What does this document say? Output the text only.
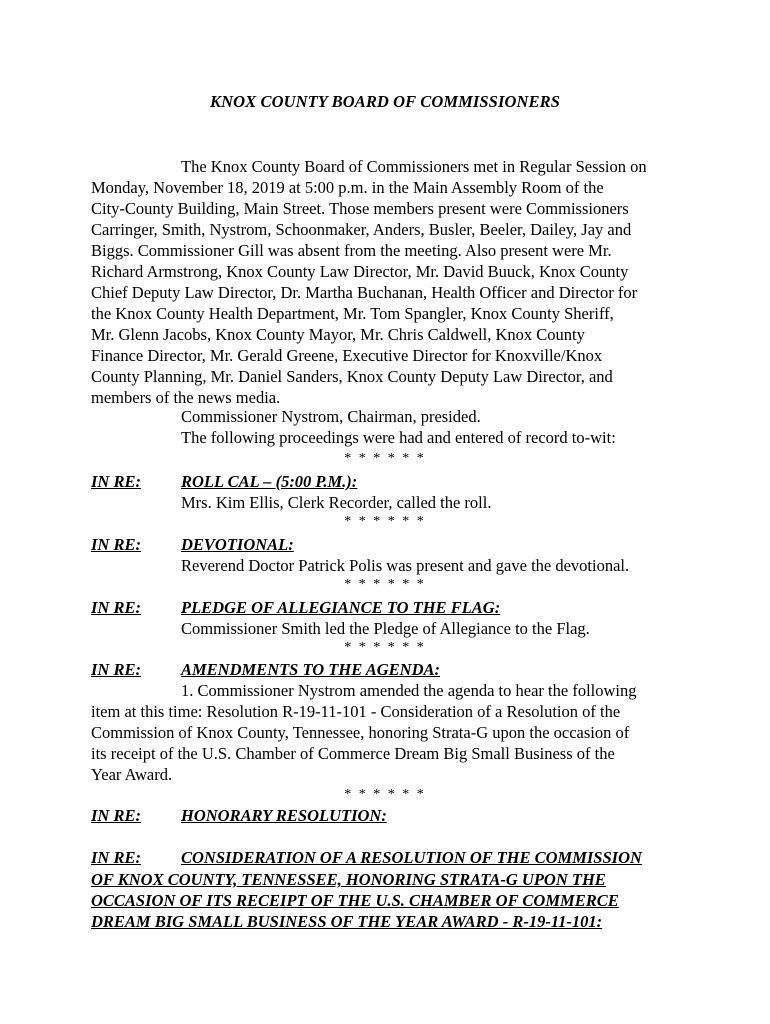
KNOX COUNTY BOARD OF COMMISSIONERS
The Knox County Board of Commissioners met in Regular Session on
Monday, November 18, 2019 at 5:00 p.m. in the Main Assembly Room of the
City-County Building, Main Street. Those members present were Commissioners
Carringer, Smith, Nystrom, Schoonmaker, Anders, Busler, Beeler, Dailey, Jay and
Biggs. Commissioner Gill was absent from the meeting. Also present were Mr.
Richard Armstrong, Knox County Law Director, Mr. David Buuck, Knox County
Chief Deputy Law Director, Dr. Martha Buchanan, Health Officer and Director for
the Knox County Health Department, Mr. Tom Spangler, Knox County Sheriff,
Mr. Glenn Jacobs, Knox County Mayor, Mr. Chris Caldwell, Knox County
Finance Director, Mr. Gerald Greene, Executive Director for Knoxville/Knox
County Planning, Mr. Daniel Sanders, Knox County Deputy Law Director, and
members of the news media.
Commissioner Nystrom, Chairman, presided.
The following proceedings were had and entered of record to-wit:
* * * * * *
IN RE: ROLL CAL – (5:00 P.M.):
Mrs. Kim Ellis, Clerk Recorder, called the roll.
* * * * * *
IN RE: DEVOTIONAL:
Reverend Doctor Patrick Polis was present and gave the devotional.
* * * * * *
IN RE: PLEDGE OF ALLEGIANCE TO THE FLAG:
Commissioner Smith led the Pledge of Allegiance to the Flag.
* * * * * *
IN RE: AMENDMENTS TO THE AGENDA:
1. Commissioner Nystrom amended the agenda to hear the following
item at this time: Resolution R-19-11-101 - Consideration of a Resolution of the
Commission of Knox County, Tennessee, honoring Strata-G upon the occasion of
its receipt of the U.S. Chamber of Commerce Dream Big Small Business of the
Year Award.
* * * * * *
IN RE: HONORARY RESOLUTION:
IN RE: CONSIDERATION OF A RESOLUTION OF THE COMMISSION
OF KNOX COUNTY, TENNESSEE, HONORING STRATA-G UPON THE
OCCASION OF ITS RECEIPT OF THE U.S. CHAMBER OF COMMERCE
DREAM BIG SMALL BUSINESS OF THE YEAR AWARD - R-19-11-101:
